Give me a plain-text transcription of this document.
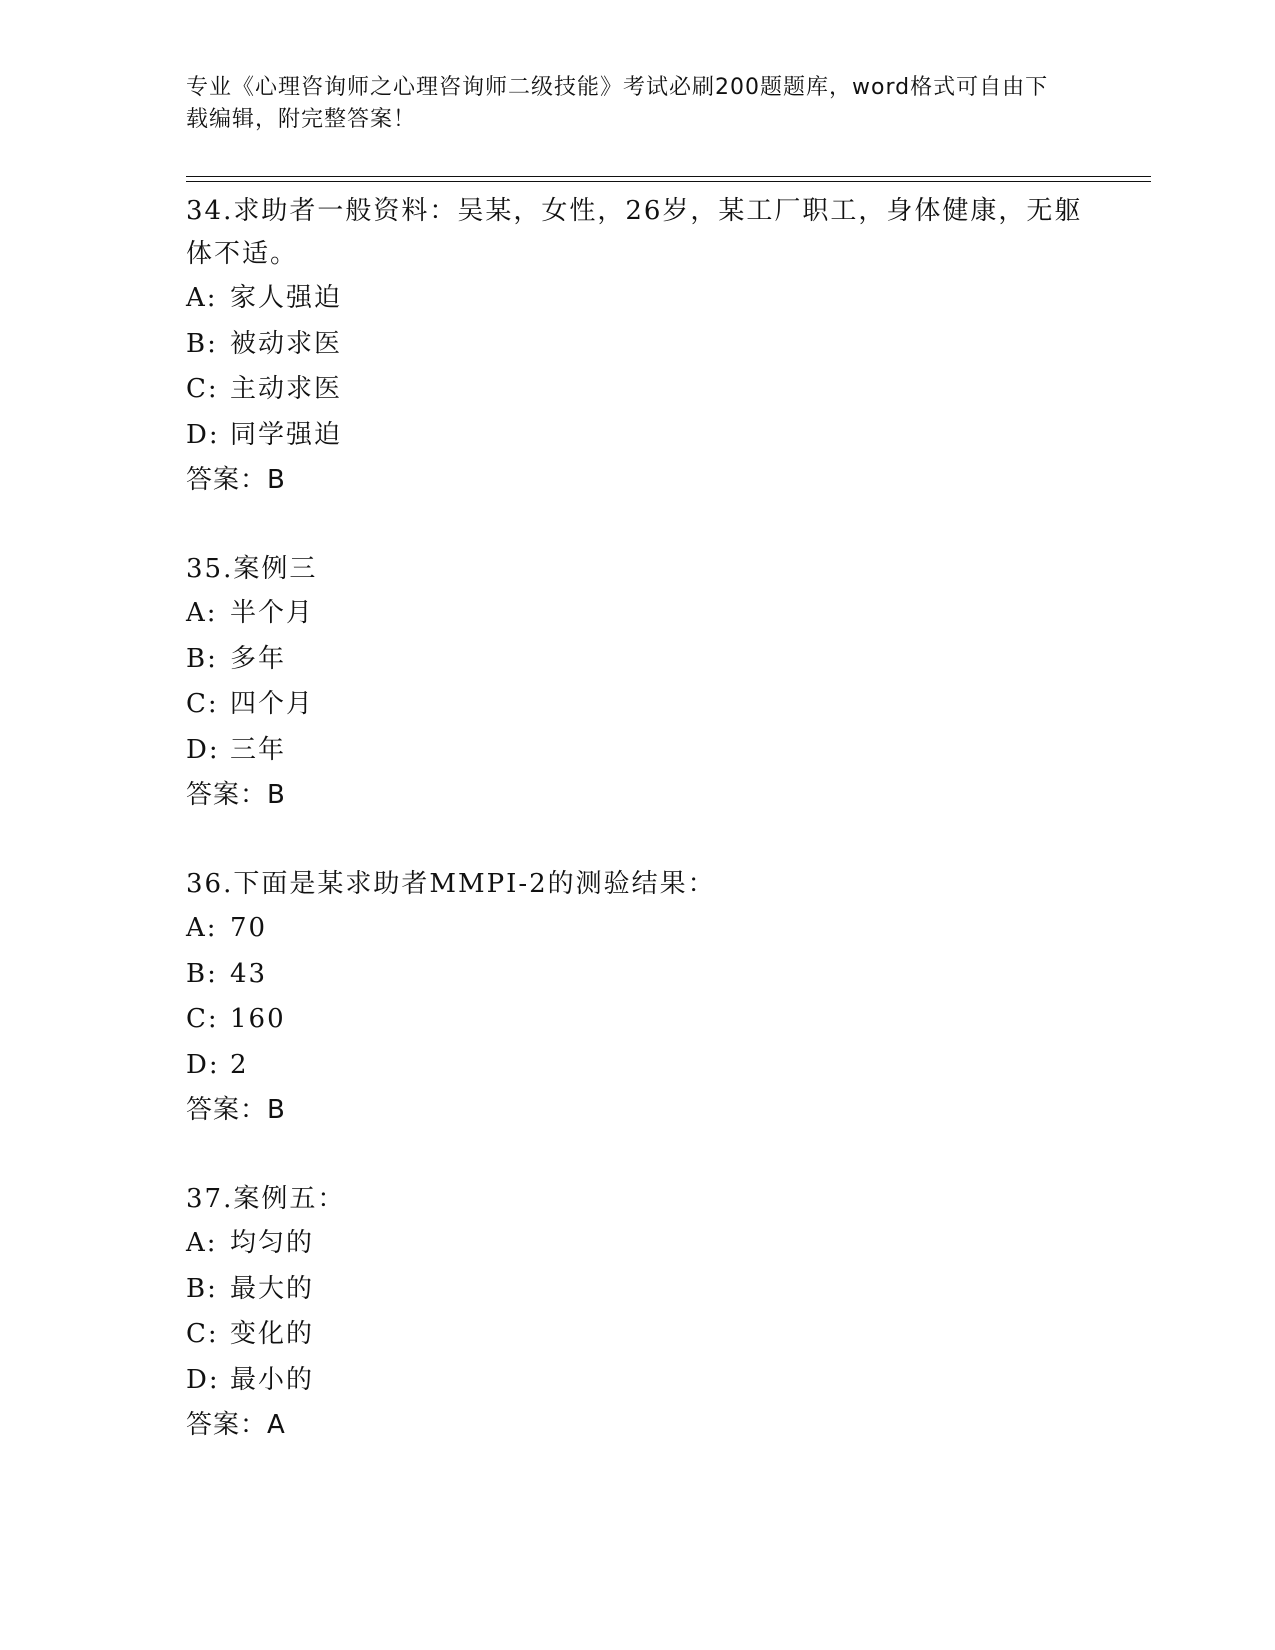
专业《心理咨询师之心理咨询师二级技能》考试必刷200题题库，word格式可自由下载编辑，附完整答案！

34.求助者一般资料：吴某，女性，26岁，某工厂职工，身体健康，无躯体不适。

A: 家人强迫
B: 被动求医
C: 主动求医
D: 同学强迫
答案：B

35.案例三

A: 半个月
B: 多年
C: 四个月
D: 三年
答案：B

36.下面是某求助者MMPI-2的测验结果：

A: 70
B: 43
C: 160
D: 2
答案：B

37.案例五：

A: 均匀的
B: 最大的
C: 变化的
D: 最小的
答案：A
